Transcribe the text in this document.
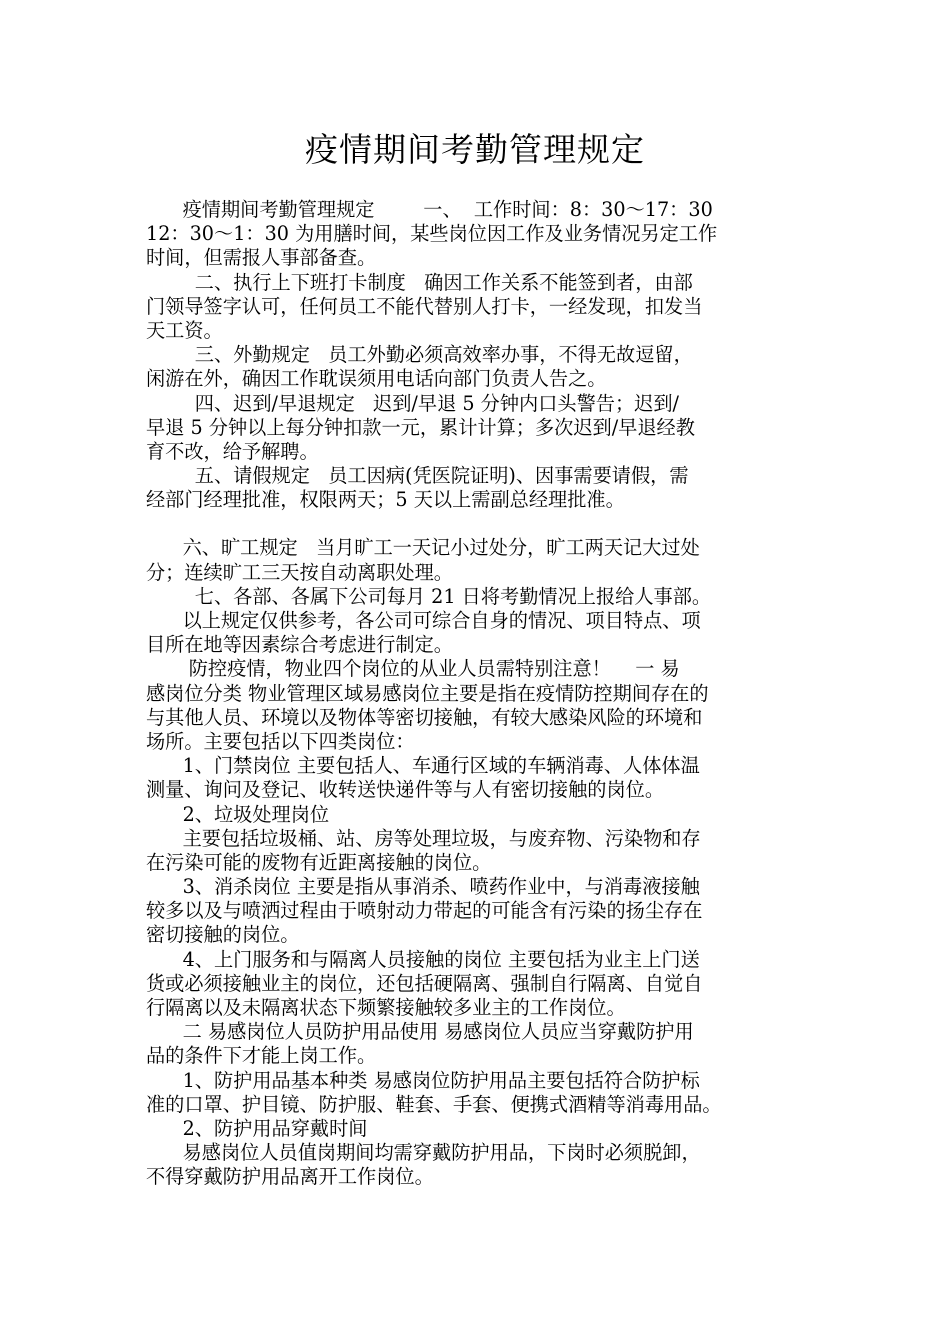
疫情期间考勤管理规定
疫情期间考勤管理规定        一、  工作时间：8：30～17：30
12：30～1：30 为用膳时间，某些岗位因工作及业务情况另定工作
时间，但需报人事部备查。
二、执行上下班打卡制度   确因工作关系不能签到者，由部
门领导签字认可，任何员工不能代替别人打卡，一经发现，扣发当
天工资。
三、外勤规定   员工外勤必须高效率办事，不得无故逗留，
闲游在外，确因工作耽误须用电话向部门负责人告之。
四、迟到/早退规定   迟到/早退 5 分钟内口头警告；迟到/
早退 5 分钟以上每分钟扣款一元，累计计算；多次迟到/早退经教
育不改，给予解聘。
五、请假规定   员工因病(凭医院证明)、因事需要请假，需
经部门经理批准，权限两天；5 天以上需副总经理批准。
六、旷工规定   当月旷工一天记小过处分，旷工两天记大过处
分；连续旷工三天按自动离职处理。
七、各部、各属下公司每月 21 日将考勤情况上报给人事部。
以上规定仅供参考，各公司可综合自身的情况、项目特点、项
目所在地等因素综合考虑进行制定。
防控疫情，物业四个岗位的从业人员需特别注意！    一 易
感岗位分类 物业管理区域易感岗位主要是指在疫情防控期间存在的
与其他人员、环境以及物体等密切接触，有较大感染风险的环境和
场所。主要包括以下四类岗位：
1、门禁岗位 主要包括人、车通行区域的车辆消毒、人体体温
测量、询问及登记、收转送快递件等与人有密切接触的岗位。
2、垃圾处理岗位
主要包括垃圾桶、站、房等处理垃圾，与废弃物、污染物和存
在污染可能的废物有近距离接触的岗位。
3、消杀岗位 主要是指从事消杀、喷药作业中，与消毒液接触
较多以及与喷洒过程由于喷射动力带起的可能含有污染的扬尘存在
密切接触的岗位。
4、上门服务和与隔离人员接触的岗位 主要包括为业主上门送
货或必须接触业主的岗位，还包括硬隔离、强制自行隔离、自觉自
行隔离以及未隔离状态下频繁接触较多业主的工作岗位。
二 易感岗位人员防护用品使用 易感岗位人员应当穿戴防护用
品的条件下才能上岗工作。
1、防护用品基本种类 易感岗位防护用品主要包括符合防护标
准的口罩、护目镜、防护服、鞋套、手套、便携式酒精等消毒用品。
2、防护用品穿戴时间
易感岗位人员值岗期间均需穿戴防护用品，下岗时必须脱卸，
不得穿戴防护用品离开工作岗位。
